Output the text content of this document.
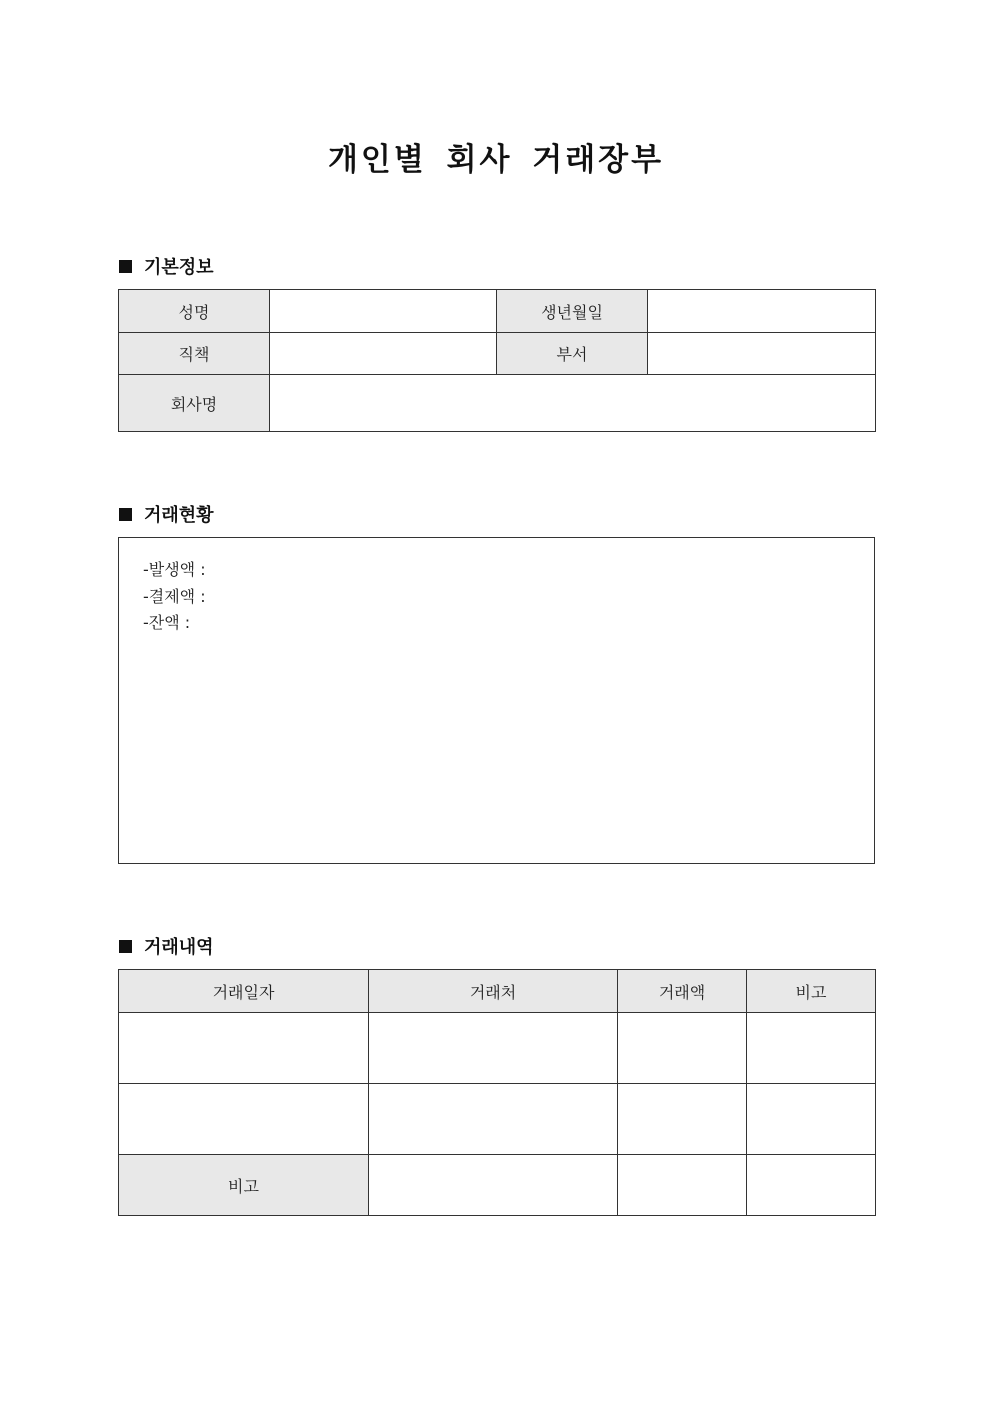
개인별 회사 거래장부
기본정보
성명		생년월일	
직책		부서	
회사명			
거래현황
-발생액 :
-결제액 :
-잔액 :
거래내역
거래일자	거래처	거래액	비고

비고			
